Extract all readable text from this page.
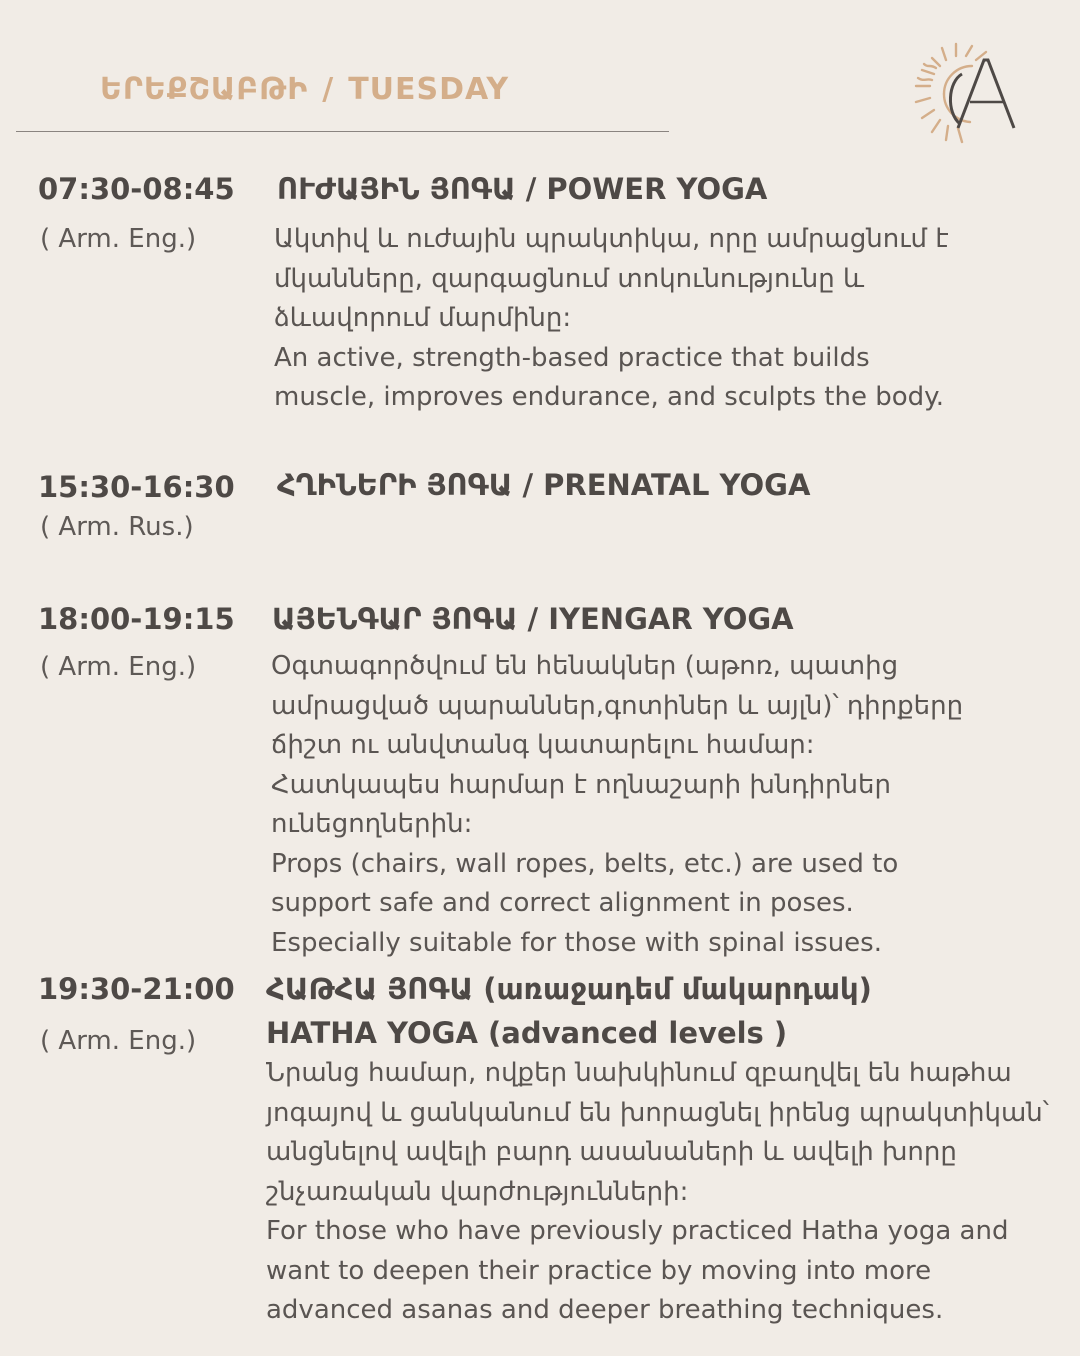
ԵՐԵՔՇԱԲԹԻ / TUESDAY
07:30-08:45
( Arm. Eng.)
ՈՒԺԱՅԻՆ ՅՈԳԱ / POWER YOGA
Ակտիվ և ուժային պրակտիկա, որը ամրացնում է
մկանները, զարգացնում տոկունությունը և
ձևավորում մարմինը:
An active, strength-based practice that builds
muscle, improves endurance, and sculpts the body.
15:30-16:30
( Arm. Rus.)
ՀՂԻՆԵՐԻ ՅՈԳԱ / PRENATAL YOGA
18:00-19:15
( Arm. Eng.)
ԱՅԵՆԳԱՐ ՅՈԳԱ / IYENGAR YOGA
Օգտագործվում են հենակներ (աթոռ, պատից
ամրացված պարաններ,գոտիներ և այլն)՝ դիրքերը
ճիշտ ու անվտանգ կատարելու համար:
Հատկապես հարմար է ողնաշարի խնդիրներ
ունեցողներին:
Props (chairs, wall ropes, belts, etc.) are used to
support safe and correct alignment in poses.
Especially suitable for those with spinal issues.
19:30-21:00
( Arm. Eng.)
ՀԱԹՀԱ ՅՈԳԱ (առաջադեմ մակարդակ)
HATHA YOGA (advanced levels )
Նրանց համար, ովքեր նախկինում զբաղվել են հաթհա
յոգայով և ցանկանում են խորացնել իրենց պրակտիկան՝
անցնելով ավելի բարդ ասանաների և ավելի խորը
շնչառական վարժությունների:
For those who have previously practiced Hatha yoga and
want to deepen their practice by moving into more
advanced asanas and deeper breathing techniques.
